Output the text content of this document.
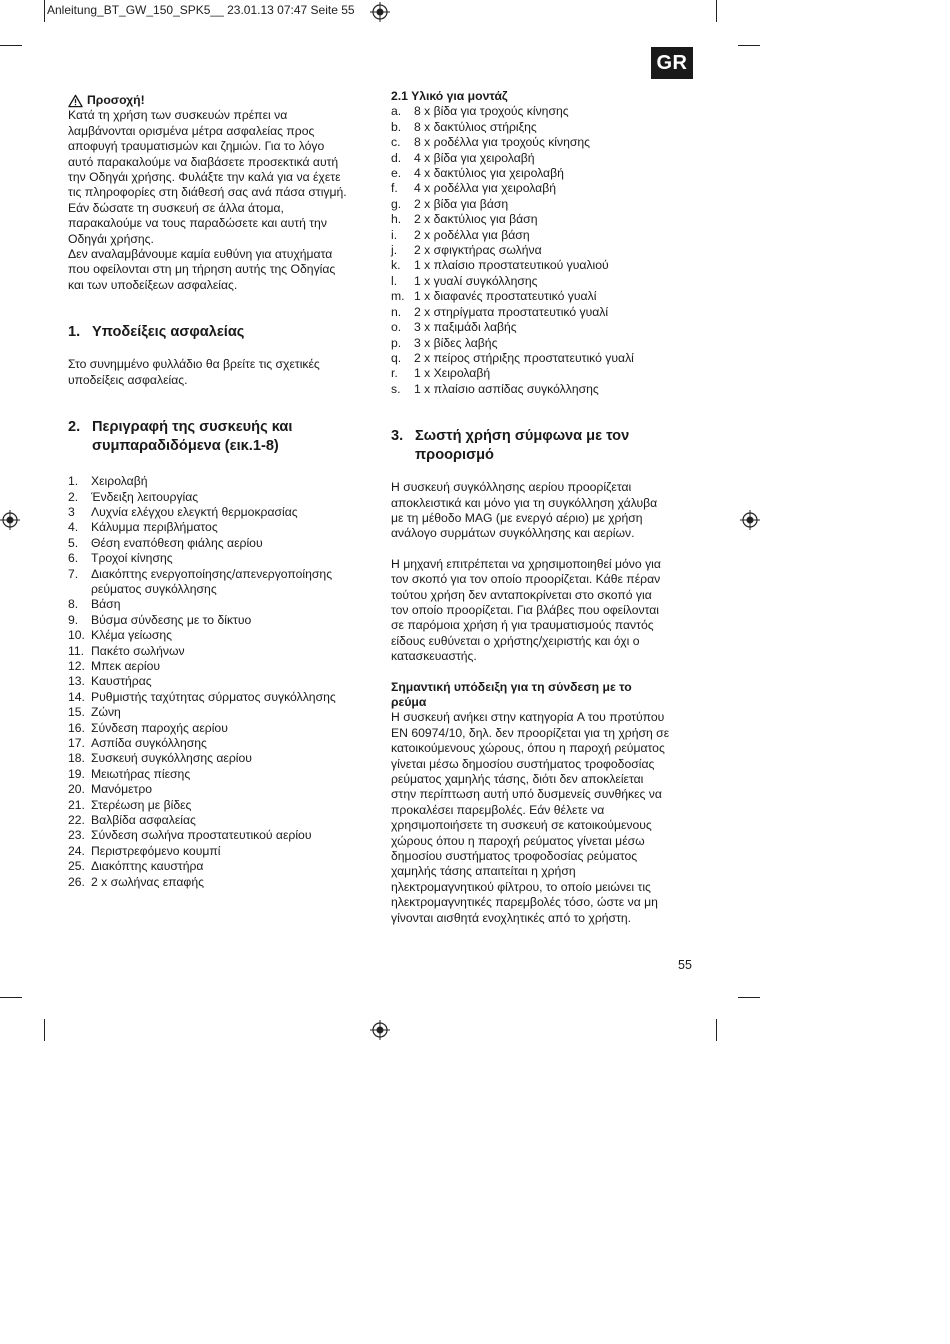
Anleitung_BT_GW_150_SPK5__ 23.01.13 07:47 Seite 55
GR
Προσοχή!

Κατά τη χρήση των συσκευών πρέπει να

λαμβάνονται ορισμένα μέτρα ασφαλείας προς

αποφυγή τραυματισμών και ζημιών. Για το λόγο

αυτό παρακαλούμε να διαβάσετε προσεκτικά αυτή

την Οδηγάι χρήσης. Φυλάξτε την καλά για να έχετε

τις πληροφορίες στη διάθεσή σας ανά πάσα στιγμή.

Εάν δώσατε τη συσκευή σε άλλα άτομα,

παρακαλούμε να τους παραδώσετε και αυτή την

Οδηγάι χρήσης.

Δεν αναλαμβάνουμε καμία ευθύνη για ατυχήματα

που οφείλονται στη μη τήρηση αυτής της Οδηγίας

και των υποδείξεων ασφαλείας.

1. Υποδείξεις ασφαλείας

Στο συνημμένο φυλλάδιο θα βρείτε τις σχετικές

υποδείξεις ασφαλείας.

2. Περιγραφή της συσκευής και
συμπαραδιδόμενα (εικ.1-8)
1.	Χειρολαβή
2.	Ένδειξη λειτουργίας
3	Λυχνία ελέγχου ελεγκτή θερμοκρασίας
4.	Κάλυμμα περιβλήματος
5.	Θέση εναπόθεση φιάλης αερίου
6.	Τροχοί κίνησης
7.	Διακόπτης ενεργοποίησης/απενεργοποίησης
ρεύματος συγκόλλησης
8.	Βάση
9.	Βύσμα σύνδεσης με το δίκτυο
10. Κλέμα γείωσης
11. Πακέτο σωλήνων
12. Μπεκ αερίου
13. Καυστήρας
14. Ρυθμιστής ταχύτητας σύρματος συγκόλλησης
15. Ζώνη
16. Σύνδεση παροχής αερίου
17. Ασπίδα συγκόλλησης
18. Συσκευή συγκόλλησης αερίου
19. Μειωτήρας πίεσης
20. Μανόμετρο
21. Στερέωση με βίδες
22. Βαλβίδα ασφαλείας
23. Σύνδεση σωλήνα προστατευτικού αερίου
24. Περιστρεφόμενο κουμπί
25. Διακόπτης καυστήρα
26. 2 x σωλήνας επαφής
2.1 Υλικό για μοντάζ
a.	8 x βίδα για τροχούς κίνησης
b.	8 x δακτύλιος στήριξης
c.	8 x ροδέλλα για τροχούς κίνησης
d.	4 x βίδα για χειρολαβή
e.	4 x δακτύλιος για χειρολαβή
f.	4 x ροδέλλα για χειρολαβή
g.	2 x βίδα για βάση
h.	2 x δακτύλιος για βάση
i.	2 x ροδέλλα για βάση
j.	2 x σφιγκτήρας σωλήνα
k.	1 x πλαίσιο προστατευτικού γυαλιού
l.	1 x γυαλί συγκόλλησης
m. 1 x διαφανές προστατευτικό γυαλί
n.	2 x στηρίγματα προστατευτικό γυαλί
o.	3 x παξιμάδι λαβής
p.	3 x βίδες λαβής
q.	2 x πείρος στήριξης προστατευτικό γυαλί
r.	1 x Χειρολαβή
s.	1 x πλαίσιο ασπίδας συγκόλλησης
3. Σωστή χρήση σύμφωνα με τον
προορισμό

Η συσκευή συγκόλλησης αερίου προορίζεται

αποκλειστικά και μόνο για τη συγκόλληση χάλυβα

με τη μέθοδο MAG (με ενεργό αέριο) με χρήση

ανάλογο συρμάτων συγκόλλησης και αερίων.

Η μηχανή επιτρέπεται να χρησιμοποιηθεί μόνο για

τον σκοπό για τον οποίο προορίζεται. Κάθε πέραν

τούτου χρήση δεν ανταποκρίνεται στο σκοπό για

τον οποίο προορίζεται. Για βλάβες που οφείλονται

σε παρόμοια χρήση ή για τραυματισμούς παντός

είδους ευθύνεται ο χρήστης/χειριστής και όχι ο

κατασκευαστής.

Σημαντική υπόδειξη για τη σύνδεση με το

ρεύμα

Η συσκευή ανήκει στην κατηγορία A του προτύπου

EN 60974/10, δηλ. δεν προορίζεται για τη χρήση σε

κατοικούμενους χώρους, όπου η παροχή ρεύματος

γίνεται μέσω δημοσίου συστήματος τροφοδοσίας

ρεύματος χαμηλής τάσης, διότι δεν αποκλείεται

στην περίπτωση αυτή υπό δυσμενείς συνθήκες να

προκαλέσει παρεμβολές. Εάν θέλετε να

χρησιμοποιήσετε τη συσκευή σε κατοικούμενους

χώρους όπου η παροχή ρεύματος γίνεται μέσω

δημοσίου συστήματος τροφοδοσίας ρεύματος

χαμηλής τάσης απαιτείται η χρήση

ηλεκτρομαγνητικού φίλτρου, το οποίο μειώνει τις

ηλεκτρομαγνητικές παρεμβολές τόσο, ώστε να μη

γίνονται αισθητά ενοχλητικές από το χρήστη.

55
